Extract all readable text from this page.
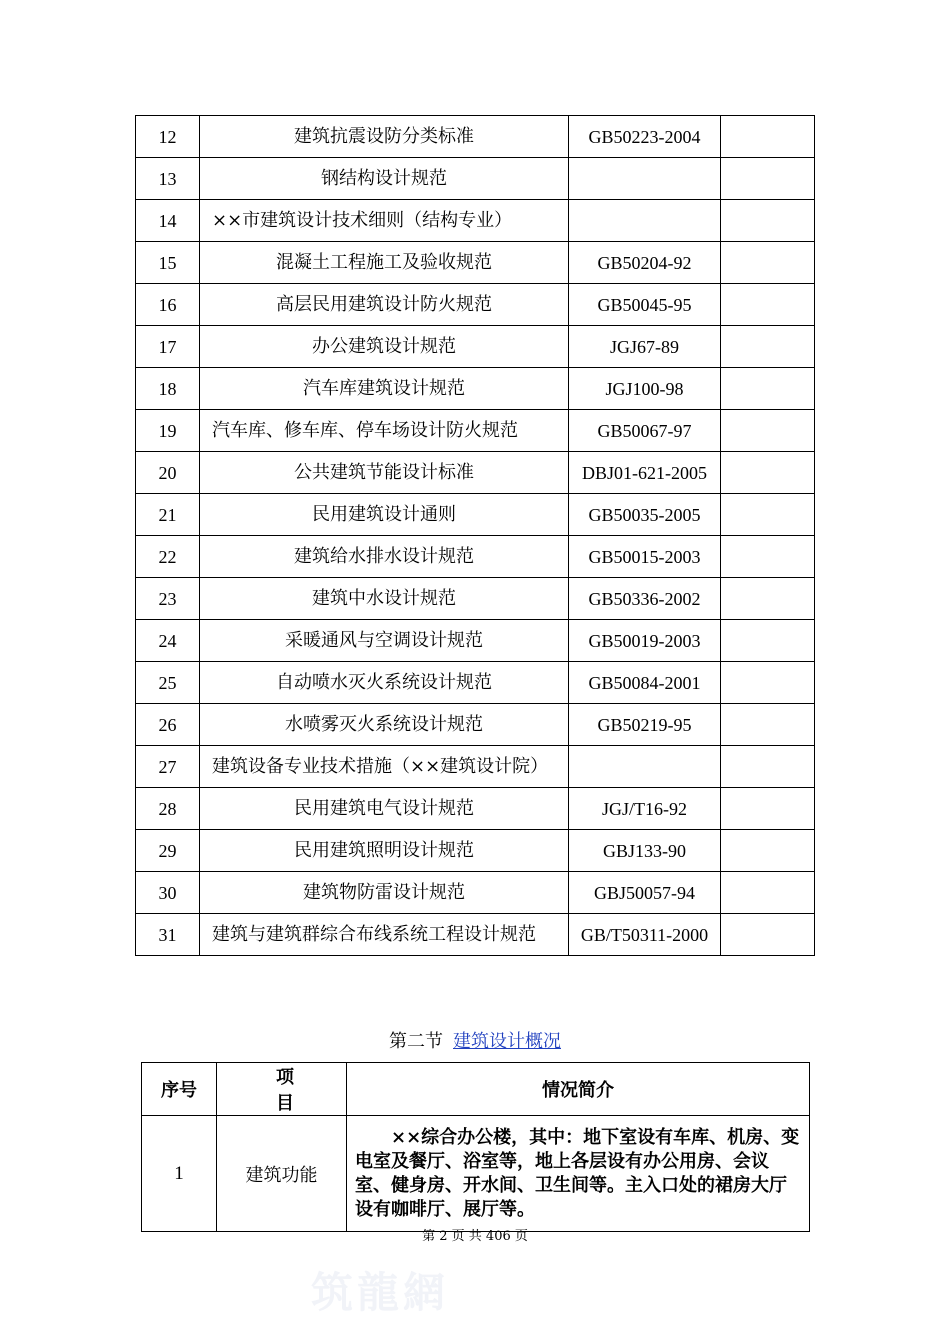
12	建筑抗震设防分类标准	GB50223-2004	
13	钢结构设计规范		
14	××市建筑设计技术细则（结构专业）		
15	混凝土工程施工及验收规范	GB50204-92	
16	高层民用建筑设计防火规范	GB50045-95	
17	办公建筑设计规范	JGJ67-89	
18	汽车库建筑设计规范	JGJ100-98	
19	汽车库、修车库、停车场设计防火规范	GB50067-97	
20	公共建筑节能设计标准	DBJ01-621-2005	
21	民用建筑设计通则	GB50035-2005	
22	建筑给水排水设计规范	GB50015-2003	
23	建筑中水设计规范	GB50336-2002	
24	采暖通风与空调设计规范	GB50019-2003	
25	自动喷水灭火系统设计规范	GB50084-2001	
26	水喷雾灭火系统设计规范	GB50219-95	
27	建筑设备专业技术措施（××建筑设计院）		
28	民用建筑电气设计规范	JGJ/T16-92	
29	民用建筑照明设计规范	GBJ133-90	
30	建筑物防雷设计规范	GBJ50057-94	
31	建筑与建筑群综合布线系统工程设计规范	GB/T50311-2000	
第二节 建筑设计概况
序号	项 目	情况简介
1	建筑功能	××综合办公楼，其中：地下室设有车库、机房、变电室及餐厅、浴室等，地上各层设有办公用房、会议室、健身房、开水间、卫生间等。主入口处的裙房大厅设有咖啡厅、展厅等。
第 2 页 共 406 页
筑龍網
